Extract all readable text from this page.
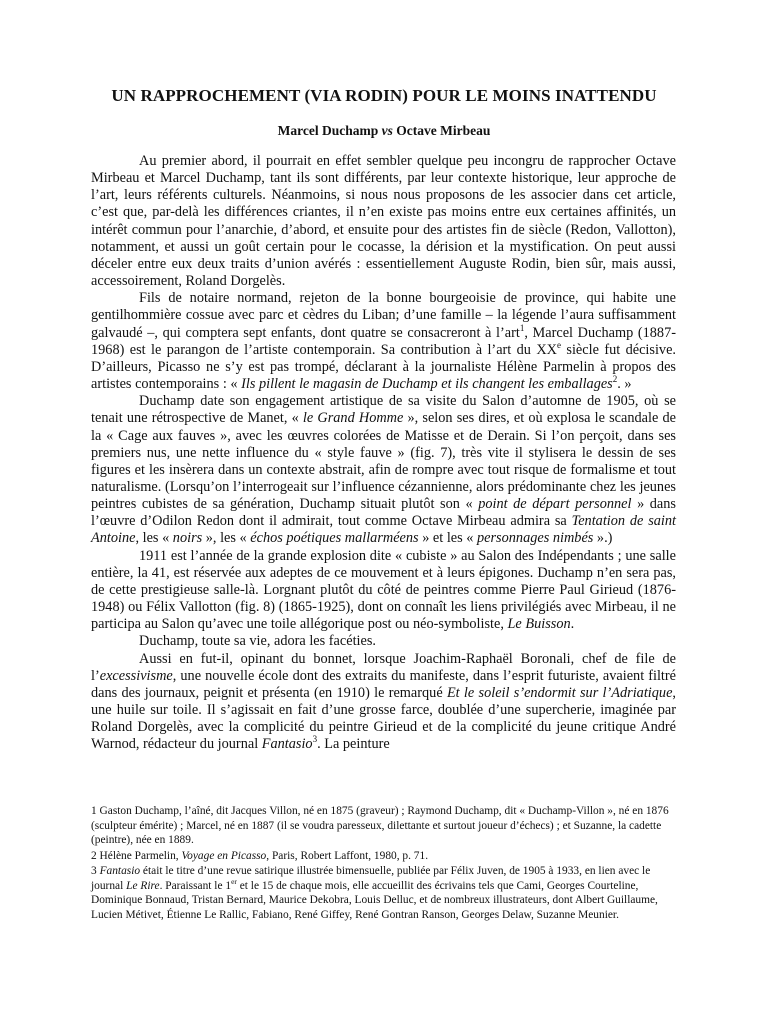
UN RAPPROCHEMENT (VIA RODIN) POUR LE MOINS INATTENDU
Marcel Duchamp vs Octave Mirbeau

Au premier abord, il pourrait en effet sembler quelque peu incongru de rapprocher Octave Mirbeau et Marcel Duchamp, tant ils sont différents, par leur contexte historique, leur approche de l’art, leurs référents culturels. Néanmoins, si nous nous proposons de les associer dans cet article, c’est que, par-delà les différences criantes, il n’en existe pas moins entre eux certaines affinités, un intérêt commun pour l’anarchie, d’abord, et ensuite pour des artistes fin de siècle (Redon, Vallotton), notamment, et aussi un goût certain pour le cocasse, la dérision et la mystification. On peut aussi déceler entre eux deux traits d’union avérés : essentiellement Auguste Rodin, bien sûr, mais aussi, accessoirement, Roland Dorgelès.

Fils de notaire normand, rejeton de la bonne bourgeoisie de province, qui habite une gentilhommière cossue avec parc et cèdres du Liban; d’une famille – la légende l’aura suffisamment galvaudé –, qui comptera sept enfants, dont quatre se consacreront à l’art$^1$, Marcel Duchamp (1887-1968) est le parangon de l’artiste contemporain. Sa contribution à l’art du XXe siècle fut décisive. D’ailleurs, Picasso ne s’y est pas trompé, déclarant à la journaliste Hélène Parmelin à propos des artistes contemporains : « Ils pillent le magasin de Duchamp et ils changent les emballages$^2$. »

Duchamp date son engagement artistique de sa visite du Salon d’automne de 1905, où se tenait une rétrospective de Manet, « le Grand Homme », selon ses dires, et où explosa le scandale de la « Cage aux fauves », avec les œuvres colorées de Matisse et de Derain. Si l’on perçoit, dans ses premiers nus, une nette influence du « style fauve » (fig. 7), très vite il stylisera le dessin de ses figures et les insèrera dans un contexte abstrait, afin de rompre avec tout risque de formalisme et tout naturalisme. (Lorsqu’on l’interrogeait sur l’influence cézannienne, alors prédominante chez les jeunes peintres cubistes de sa génération, Duchamp situait plutôt son « point de départ personnel » dans l’œuvre d’Odilon Redon dont il admirait, tout comme Octave Mirbeau admira sa Tentation de saint Antoine, les « noirs », les « échos poétiques mallarméens » et les « personnages nimbés ».)

1911 est l’année de la grande explosion dite « cubiste » au Salon des Indépendants ; une salle entière, la 41, est réservée aux adeptes de ce mouvement et à leurs épigones. Duchamp n’en sera pas, de cette prestigieuse salle-là. Lorgnant plutôt du côté de peintres comme Pierre Paul Girieud (1876-1948) ou Félix Vallotton (fig. 8) (1865-1925), dont on connaît les liens privilégiés avec Mirbeau, il ne participa au Salon qu’avec une toile allégorique post ou néo-symboliste, Le Buisson.

Duchamp, toute sa vie, adora les facéties.

Aussi en fut-il, opinant du bonnet, lorsque Joachim-Raphaël Boronali, chef de file de l’excessivisme, une nouvelle école dont des extraits du manifeste, dans l’esprit futuriste, avaient filtré dans des journaux, peignit et présenta (en 1910) le remarqué Et le soleil s’endormit sur l’Adriatique, une huile sur toile. Il s’agissait en fait d’une grosse farce, doublée d’une supercherie, imaginée par Roland Dorgelès, avec la complicité du peintre Girieud et de la complicité du jeune critique André Warnod, rédacteur du journal Fantasio$^3$. La peinture

1 Gaston Duchamp, l’aîné, dit Jacques Villon, né en 1875 (graveur) ; Raymond Duchamp, dit « Duchamp-Villon », né en 1876 (sculpteur émérite) ; Marcel, né en 1887 (il se voudra paresseux, dilettante et surtout joueur d’échecs) ; et Suzanne, la cadette (peintre), née en 1889.

2 Hélène Parmelin, Voyage en Picasso, Paris, Robert Laffont, 1980, p. 71.

3 Fantasio était le titre d’une revue satirique illustrée bimensuelle, publiée par Félix Juven, de 1905 à 1933, en lien avec le journal Le Rire. Paraissant le 1er et le 15 de chaque mois, elle accueillit des écrivains tels que Cami, Georges Courteline, Dominique Bonnaud, Tristan Bernard, Maurice Dekobra, Louis Delluc, et de nombreux illustrateurs, dont Albert Guillaume, Lucien Métivet, Étienne Le Rallic, Fabiano, René Giffey, René Gontran Ranson, Georges Delaw, Suzanne Meunier.
